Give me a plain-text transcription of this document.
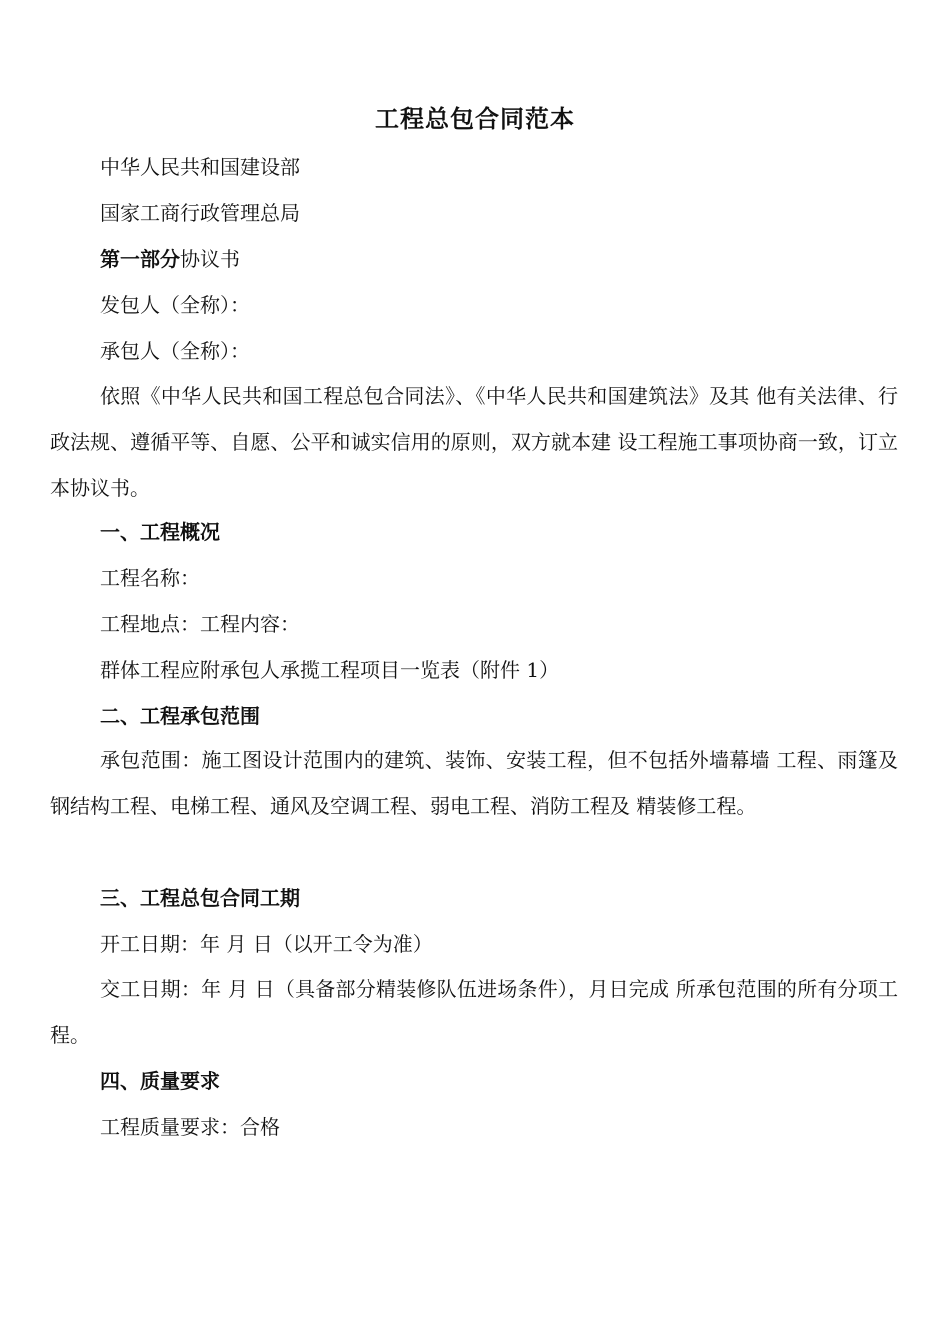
工程总包合同范本
中华人民共和国建设部
国家工商行政管理总局
第一部分协议书
发包人（全称）：
承包人（全称）：
依照《中华人民共和国工程总包合同法》、《中华人民共和国建筑法》及其 他有关法律、行政法规、遵循平等、自愿、公平和诚实信用的原则，双方就本建 设工程施工事项协商一致，订立本协议书。
一、工程概况
工程名称：
工程地点：工程内容：
群体工程应附承包人承揽工程项目一览表（附件 1）
二、工程承包范围
承包范围：施工图设计范围内的建筑、装饰、安装工程，但不包括外墙幕墙 工程、雨篷及钢结构工程、电梯工程、通风及空调工程、弱电工程、消防工程及 精装修工程。
三、工程总包合同工期
开工日期：年 月 日（以开工令为准）
交工日期：年 月 日（具备部分精装修队伍进场条件），月日完成 所承包范围的所有分项工程。
四、质量要求
工程质量要求：合格
